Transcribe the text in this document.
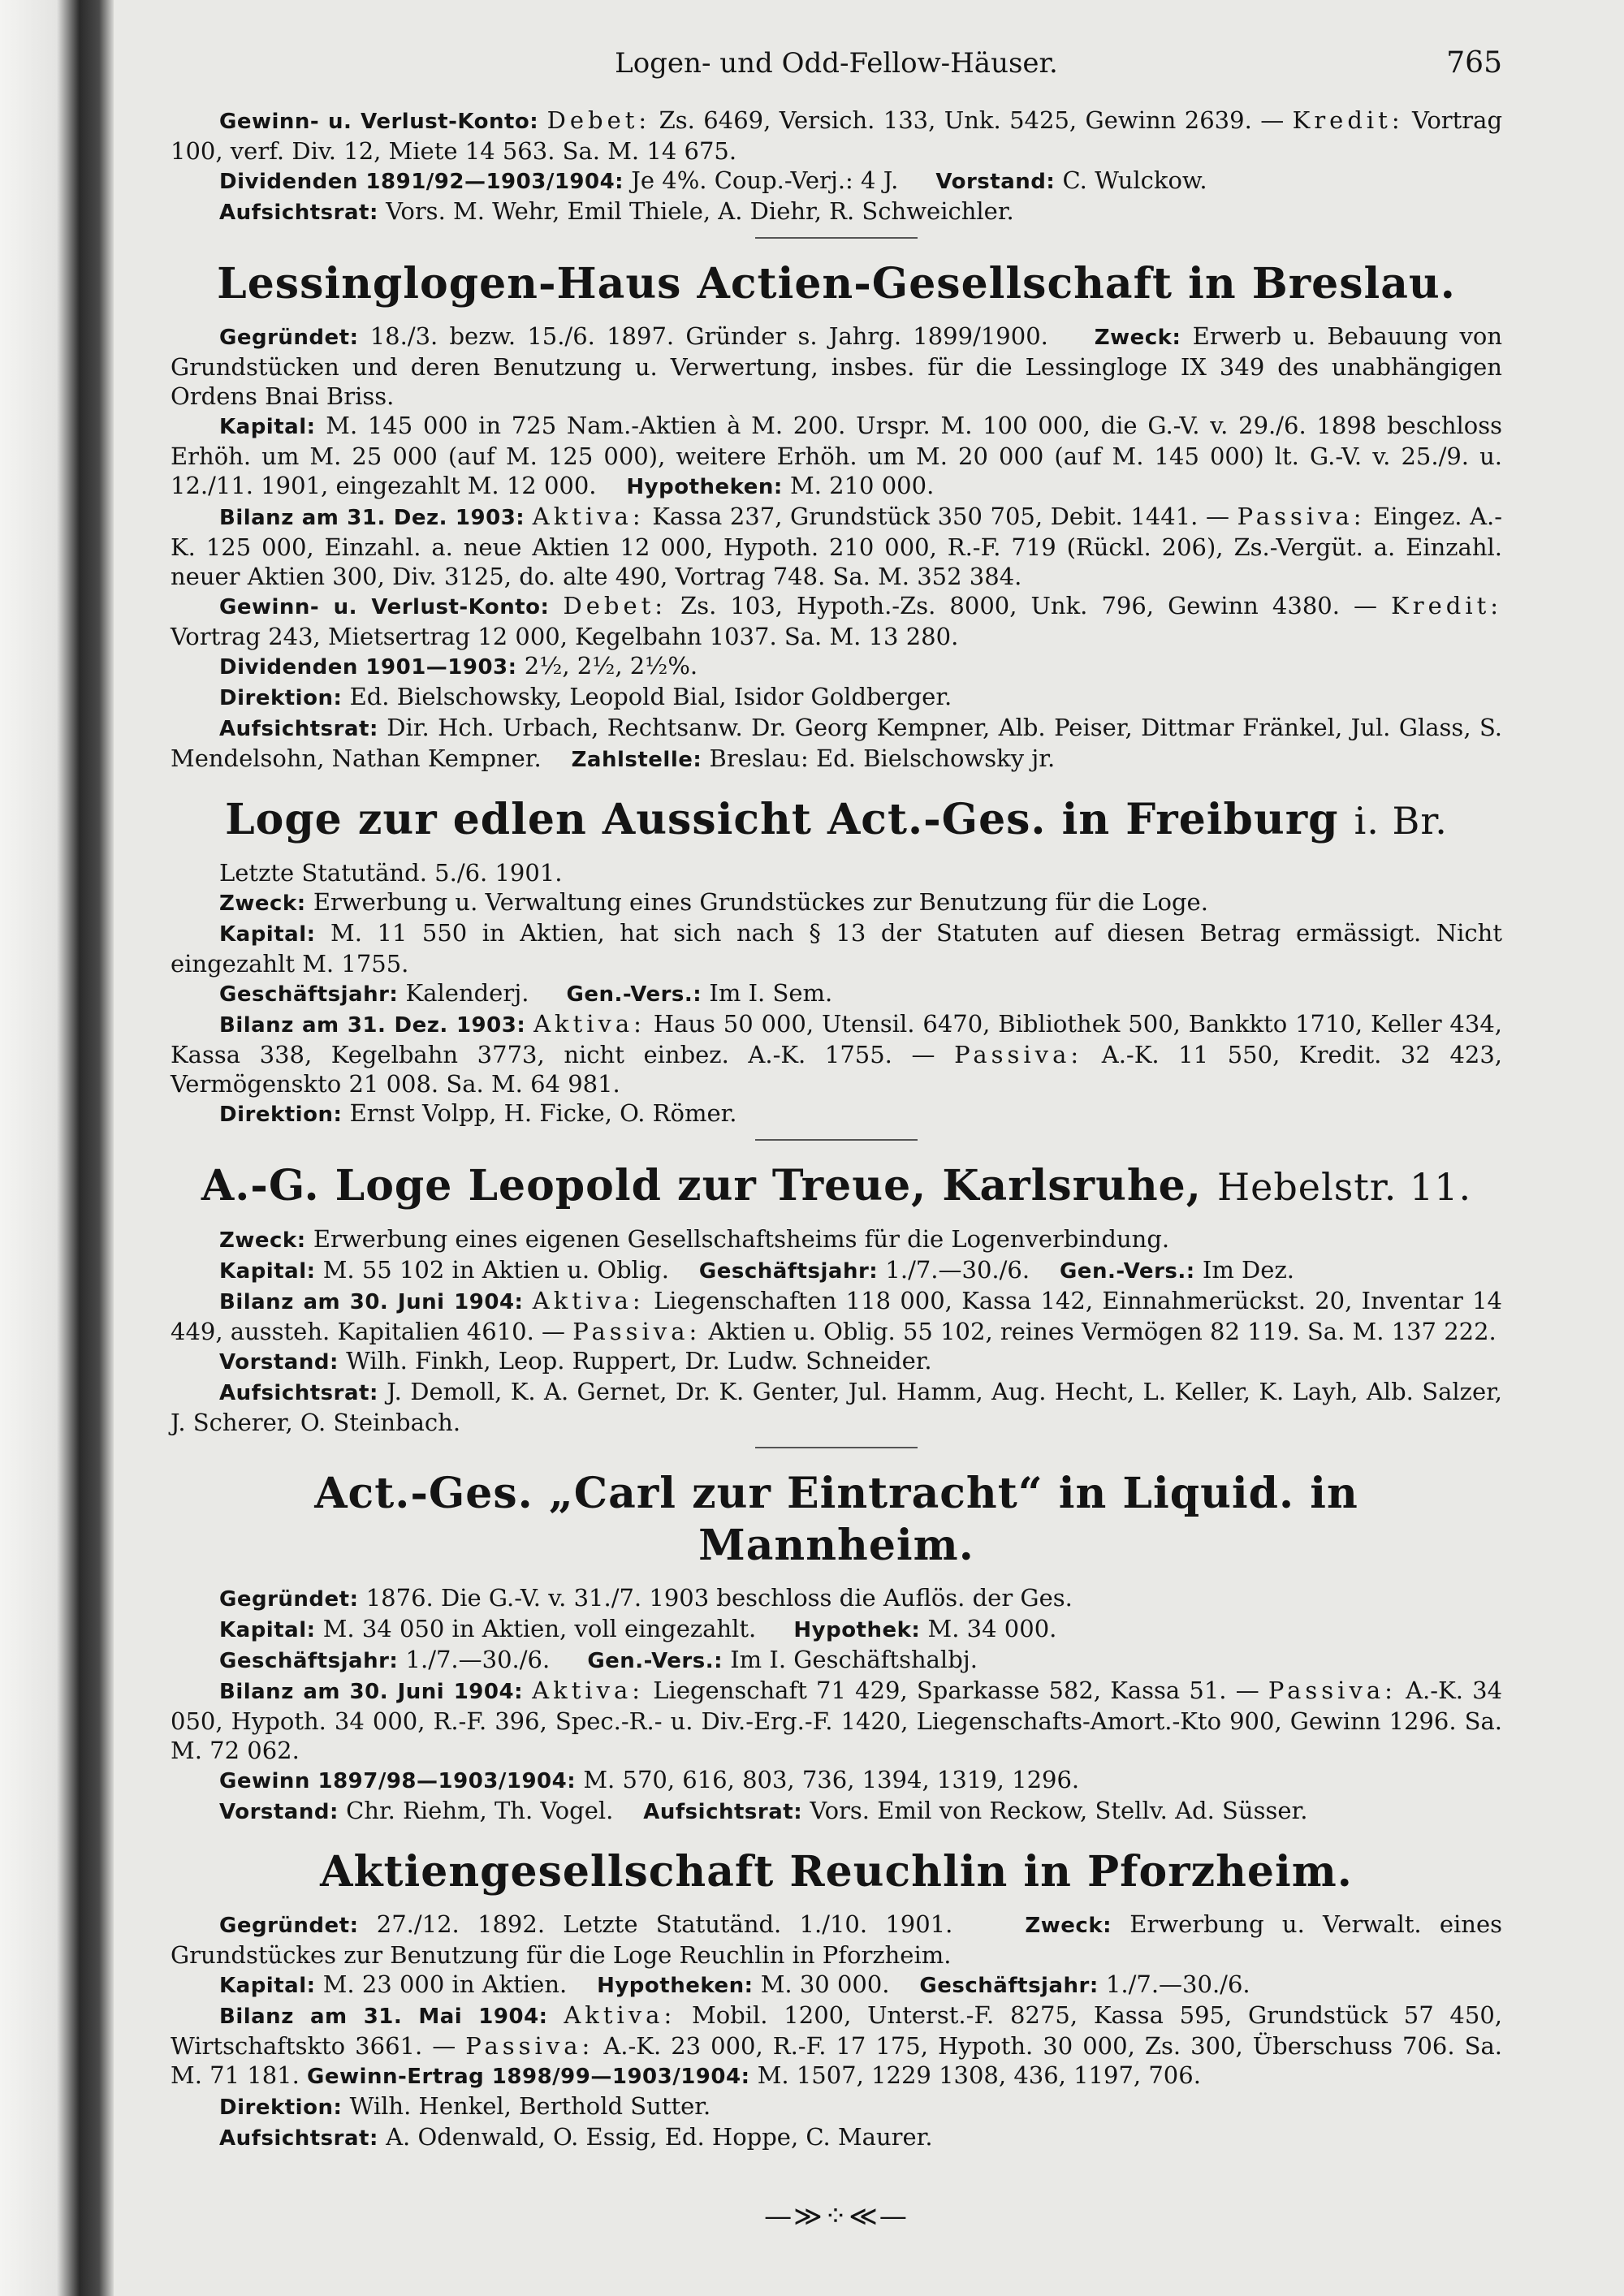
Logen- und Odd-Fellow-Häuser.	765

Gewinn- u. Verlust-Konto: Debet: Zs. 6469, Versich. 133, Unk. 5425, Gewinn 2639. — Kredit: Vortrag 100, verf. Div. 12, Miete 14 563. Sa. M. 14 675.

Dividenden 1891/92—1903/1904: Je 4%. Coup.-Verj.: 4 J. Vorstand: C. Wulckow.

Aufsichtsrat: Vors. M. Wehr, Emil Thiele, A. Diehr, R. Schweichler.

Lessinglogen-Haus Actien-Gesellschaft in Breslau.

Gegründet: 18./3. bezw. 15./6. 1897. Gründer s. Jahrg. 1899/1900. Zweck: Erwerb u. Bebauung von Grundstücken und deren Benutzung u. Verwertung, insbes. für die Lessingloge IX 349 des unabhängigen Ordens Bnai Briss.

Kapital: M. 145 000 in 725 Nam.-Aktien à M. 200. Urspr. M. 100 000, die G.-V. v. 29./6. 1898 beschloss Erhöh. um M. 25 000 (auf M. 125 000), weitere Erhöh. um M. 20 000 (auf M. 145 000) lt. G.-V. v. 25./9. u. 12./11. 1901, eingezahlt M. 12 000. Hypotheken: M. 210 000.

Bilanz am 31. Dez. 1903: Aktiva: Kassa 237, Grundstück 350 705, Debit. 1441. — Passiva: Eingez. A.-K. 125 000, Einzahl. a. neue Aktien 12 000, Hypoth. 210 000, R.-F. 719 (Rückl. 206), Zs.-Vergüt. a. Einzahl. neuer Aktien 300, Div. 3125, do. alte 490, Vortrag 748. Sa. M. 352 384.

Gewinn- u. Verlust-Konto: Debet: Zs. 103, Hypoth.-Zs. 8000, Unk. 796, Gewinn 4380. — Kredit: Vortrag 243, Mietsertrag 12 000, Kegelbahn 1037. Sa. M. 13 280.

Dividenden 1901—1903: 2½, 2½, 2½%.

Direktion: Ed. Bielschowsky, Leopold Bial, Isidor Goldberger.

Aufsichtsrat: Dir. Hch. Urbach, Rechtsanw. Dr. Georg Kempner, Alb. Peiser, Dittmar Fränkel, Jul. Glass, S. Mendelsohn, Nathan Kempner. Zahlstelle: Breslau: Ed. Bielschowsky jr.

Loge zur edlen Aussicht Act.-Ges. in Freiburg i. Br.

Letzte Statutänd. 5./6. 1901.

Zweck: Erwerbung u. Verwaltung eines Grundstückes zur Benutzung für die Loge.

Kapital: M. 11 550 in Aktien, hat sich nach § 13 der Statuten auf diesen Betrag ermässigt. Nicht eingezahlt M. 1755.

Geschäftsjahr: Kalenderj. Gen.-Vers.: Im I. Sem.

Bilanz am 31. Dez. 1903: Aktiva: Haus 50 000, Utensil. 6470, Bibliothek 500, Bankkto 1710, Keller 434, Kassa 338, Kegelbahn 3773, nicht einbez. A.-K. 1755. — Passiva: A.-K. 11 550, Kredit. 32 423, Vermögenskto 21 008. Sa. M. 64 981.

Direktion: Ernst Volpp, H. Ficke, O. Römer.

A.-G. Loge Leopold zur Treue, Karlsruhe, Hebelstr. 11.

Zweck: Erwerbung eines eigenen Gesellschaftsheims für die Logenverbindung.

Kapital: M. 55 102 in Aktien u. Oblig. Geschäftsjahr: 1./7.—30./6. Gen.-Vers.: Im Dez.

Bilanz am 30. Juni 1904: Aktiva: Liegenschaften 118 000, Kassa 142, Einnahmerückst. 20, Inventar 14 449, aussteh. Kapitalien 4610. — Passiva: Aktien u. Oblig. 55 102, reines Vermögen 82 119. Sa. M. 137 222.

Vorstand: Wilh. Finkh, Leop. Ruppert, Dr. Ludw. Schneider.

Aufsichtsrat: J. Demoll, K. A. Gernet, Dr. K. Genter, Jul. Hamm, Aug. Hecht, L. Keller, K. Layh, Alb. Salzer, J. Scherer, O. Steinbach.

Act.-Ges. „Carl zur Eintracht“ in Liquid. in Mannheim.

Gegründet: 1876. Die G.-V. v. 31./7. 1903 beschloss die Auflös. der Ges.

Kapital: M. 34 050 in Aktien, voll eingezahlt. Hypothek: M. 34 000.

Geschäftsjahr: 1./7.—30./6. Gen.-Vers.: Im I. Geschäftshalbj.

Bilanz am 30. Juni 1904: Aktiva: Liegenschaft 71 429, Sparkasse 582, Kassa 51. — Passiva: A.-K. 34 050, Hypoth. 34 000, R.-F. 396, Spec.-R.- u. Div.-Erg.-F. 1420, Liegenschafts-Amort.-Kto 900, Gewinn 1296. Sa. M. 72 062.

Gewinn 1897/98—1903/1904: M. 570, 616, 803, 736, 1394, 1319, 1296.

Vorstand: Chr. Riehm, Th. Vogel. Aufsichtsrat: Vors. Emil von Reckow, Stellv. Ad. Süsser.

Aktiengesellschaft Reuchlin in Pforzheim.

Gegründet: 27./12. 1892. Letzte Statutänd. 1./10. 1901.	Zweck: Erwerbung u. Verwalt. eines Grundstückes zur Benutzung für die Loge Reuchlin in Pforzheim.

Kapital: M. 23 000 in Aktien. Hypotheken: M. 30 000. Geschäftsjahr: 1./7.—30./6.

Bilanz am 31. Mai 1904: Aktiva: Mobil. 1200, Unterst.-F. 8275, Kassa 595, Grundstück 57 450, Wirtschaftskto 3661. — Passiva: A.-K. 23 000, R.-F. 17 175, Hypoth. 30 000, Zs. 300, Überschuss 706. Sa. M. 71 181. Gewinn-Ertrag 1898/99—1903/1904: M. 1507, 1229 1308, 436, 1197, 706.

Direktion: Wilh. Henkel, Berthold Sutter.

Aufsichtsrat: A. Odenwald, O. Essig, Ed. Hoppe, C. Maurer.

—≫⁘≪—
